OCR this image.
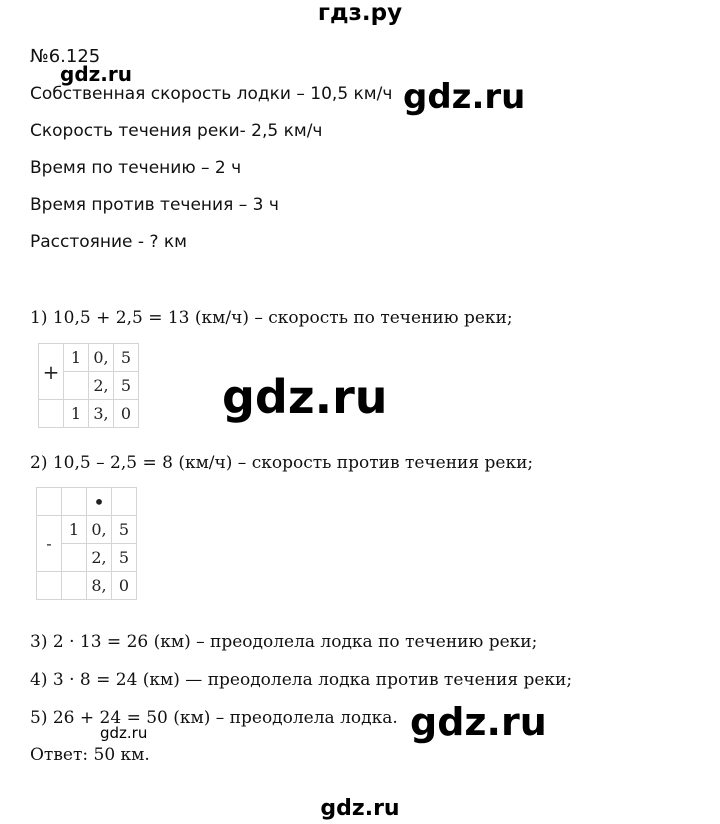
гдз.ру
№6.125
gdz.ru
Собственная скорость лодки – 10,5 км/ч
Скорость течения реки- 2,5 км/ч
Время по течению – 2 ч
Время против течения – 3 ч
Расстояние - ? км
gdz.ru
1) 10,5 + 2,5 = 13 (км/ч) – скорость по течению реки;
+	1	0,	5
		2,	5
	1	3,	0 gdz.ru
2) 10,5 – 2,5 = 8 (км/ч) – скорость против течения реки;
		•	
-	1	0,	5
		2,	5
		8,	0
3) 2 · 13 = 26 (км) – преодолела лодка по течению реки;
4) 3 · 8 = 24 (км) — преодолела лодка против течения реки;
5) 26 + 24 = 50 (км) – преодолела лодка. gdz.ru
gdz.ru
Ответ: 50 км.
gdz.ru
